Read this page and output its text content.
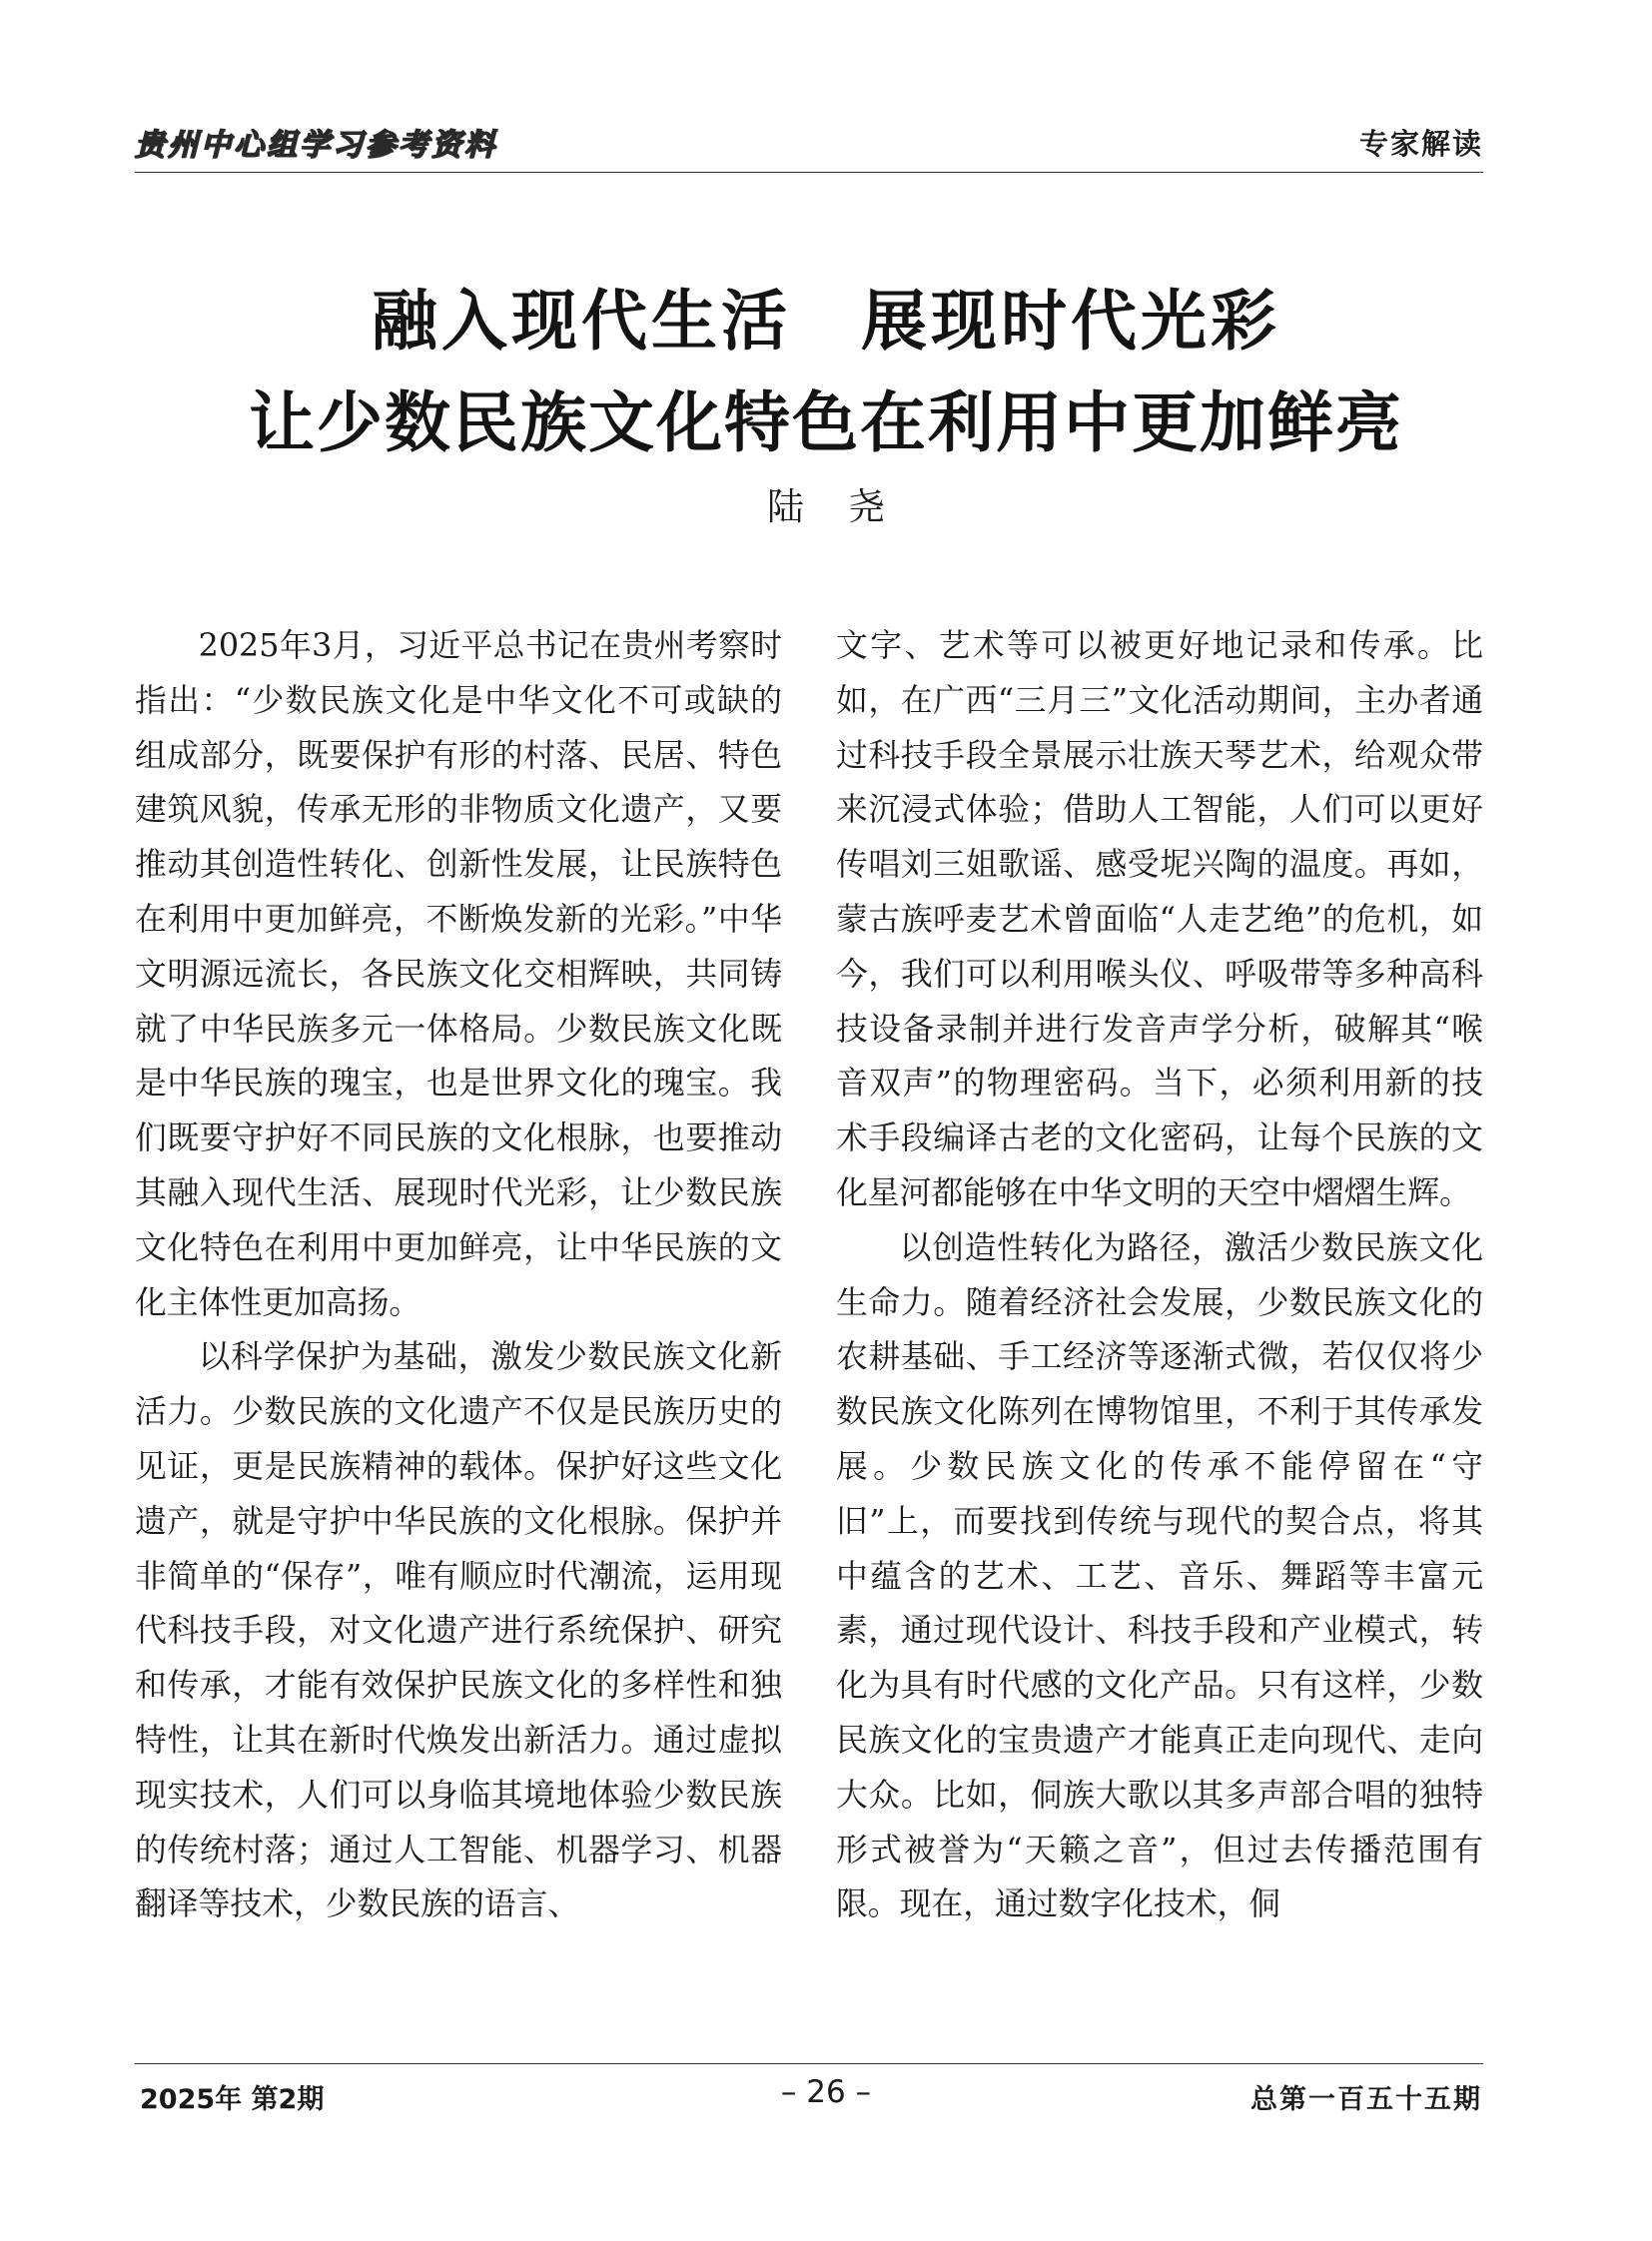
贵州中心组学习参考资料	专家解读
融入现代生活　展现时代光彩
让少数民族文化特色在利用中更加鲜亮
陆尧

2025年3月，习近平总书记在贵州考察时指出：“少数民族文化是中华文化不可或缺的组成部分，既要保护有形的村落、民居、特色建筑风貌，传承无形的非物质文化遗产，又要推动其创造性转化、创新性发展，让民族特色在利用中更加鲜亮，不断焕发新的光彩。”中华文明源远流长，各民族文化交相辉映，共同铸就了中华民族多元一体格局。少数民族文化既是中华民族的瑰宝，也是世界文化的瑰宝。我们既要守护好不同民族的文化根脉，也要推动其融入现代生活、展现时代光彩，让少数民族文化特色在利用中更加鲜亮，让中华民族的文化主体性更加高扬。

以科学保护为基础，激发少数民族文化新活力。少数民族的文化遗产不仅是民族历史的见证，更是民族精神的载体。保护好这些文化遗产，就是守护中华民族的文化根脉。保护并非简单的“保存”，唯有顺应时代潮流，运用现代科技手段，对文化遗产进行系统保护、研究和传承，才能有效保护民族文化的多样性和独特性，让其在新时代焕发出新活力。通过虚拟现实技术，人们可以身临其境地体验少数民族的传统村落；通过人工智能、机器学习、机器翻译等技术，少数民族的语言、

文字、艺术等可以被更好地记录和传承。比如，在广西“三月三”文化活动期间，主办者通过科技手段全景展示壮族天琴艺术，给观众带来沉浸式体验；借助人工智能，人们可以更好传唱刘三姐歌谣、感受坭兴陶的温度。再如，蒙古族呼麦艺术曾面临“人走艺绝”的危机，如今，我们可以利用喉头仪、呼吸带等多种高科技设备录制并进行发音声学分析，破解其“喉音双声”的物理密码。当下，必须利用新的技术手段编译古老的文化密码，让每个民族的文化星河都能够在中华文明的天空中熠熠生辉。

以创造性转化为路径，激活少数民族文化生命力。随着经济社会发展，少数民族文化的农耕基础、手工经济等逐渐式微，若仅仅将少数民族文化陈列在博物馆里，不利于其传承发展。少数民族文化的传承不能停留在“守旧”上，而要找到传统与现代的契合点，将其中蕴含的艺术、工艺、音乐、舞蹈等丰富元素，通过现代设计、科技手段和产业模式，转化为具有时代感的文化产品。只有这样，少数民族文化的宝贵遗产才能真正走向现代、走向大众。比如，侗族大歌以其多声部合唱的独特形式被誉为“天籁之音”，但过去传播范围有限。现在，通过数字化技术，侗

2025年 第2期	– 26 –	总第一百五十五期
